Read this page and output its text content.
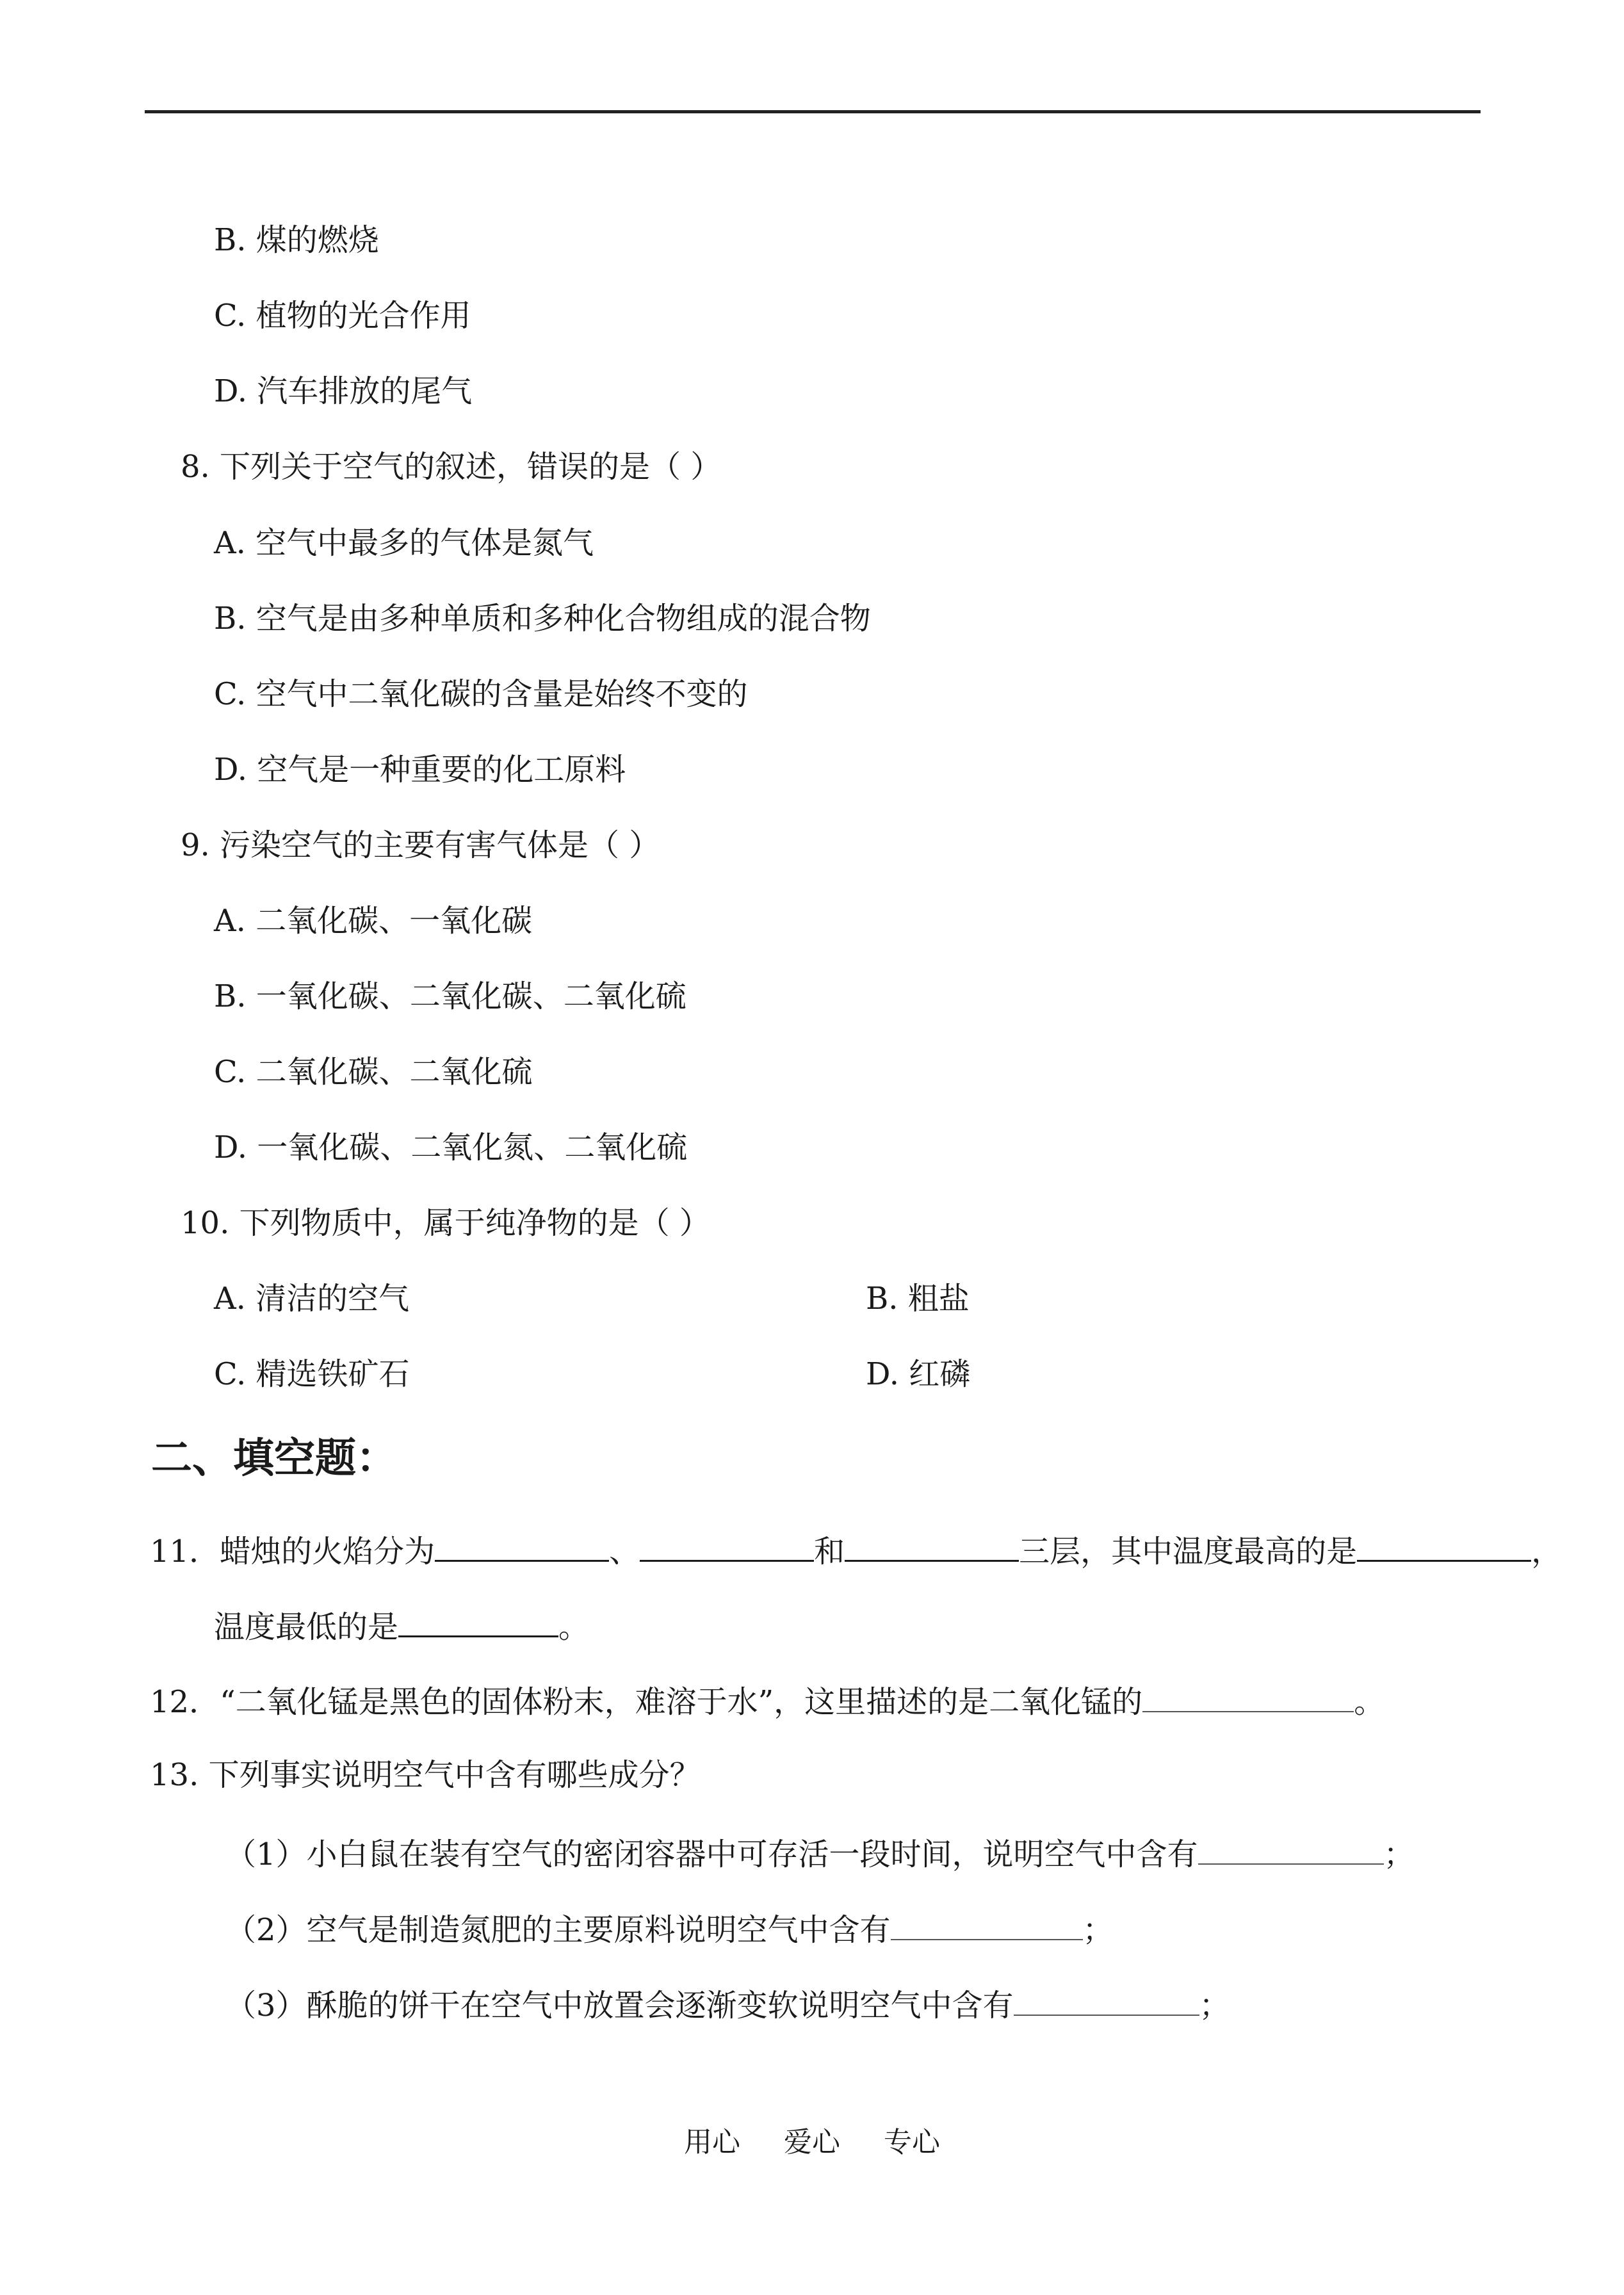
B. 煤的燃烧
C. 植物的光合作用
D. 汽车排放的尾气
8. 下列关于空气的叙述，错误的是（ ）
A. 空气中最多的气体是氮气
B. 空气是由多种单质和多种化合物组成的混合物
C. 空气中二氧化碳的含量是始终不变的
D. 空气是一种重要的化工原料
9. 污染空气的主要有害气体是（ ）
A. 二氧化碳、一氧化碳
B. 一氧化碳、二氧化碳、二氧化硫
C. 二氧化碳、二氧化硫
D. 一氧化碳、二氧化氮、二氧化硫
10. 下列物质中，属于纯净物的是（ ）
A. 清洁的空气	B. 粗盐
C. 精选铁矿石	D. 红磷
二、填空题：
11．蜡烛的火焰分为	、	和	三层，其中温度最高的是	，
温度最低的是	。
12．“二氧化锰是黑色的固体粉末，难溶于水”，这里描述的是二氧化锰的	。
13. 下列事实说明空气中含有哪些成分？
（1）小白鼠在装有空气的密闭容器中可存活一段时间，说明空气中含有	；
（2）空气是制造氮肥的主要原料说明空气中含有	；
（3）酥脆的饼干在空气中放置会逐渐变软说明空气中含有	；
用心 爱心 专心
